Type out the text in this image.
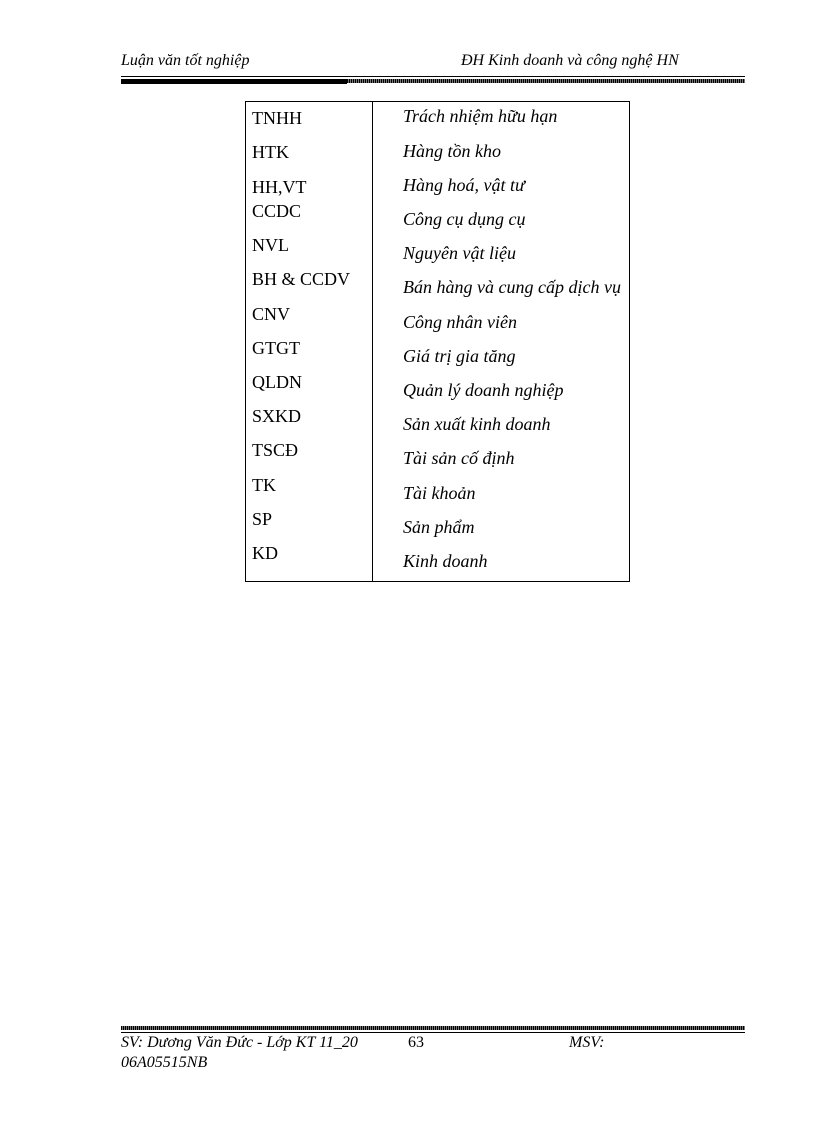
Luận văn tốt nghiệp	ĐH Kinh doanh và công nghệ HN
TNHH	Trách nhiệm hữu hạn
HTK	Hàng tồn kho
HH,VT	Hàng hoá, vật tư
CCDC	Công cụ dụng cụ
NVL	Nguyên vật liệu
BH & CCDV	Bán hàng và cung cấp dịch vụ
CNV	Công nhân viên
GTGT	Giá trị gia tăng
QLDN	Quản lý doanh nghiệp
SXKD	Sản xuất kinh doanh
TSCĐ	Tài sản cố định
TK	Tài khoản
SP	Sản phẩm
KD	Kinh doanh
SV: Dương Văn Đức - Lớp KT 11_20	63	MSV:
06A05515NB
